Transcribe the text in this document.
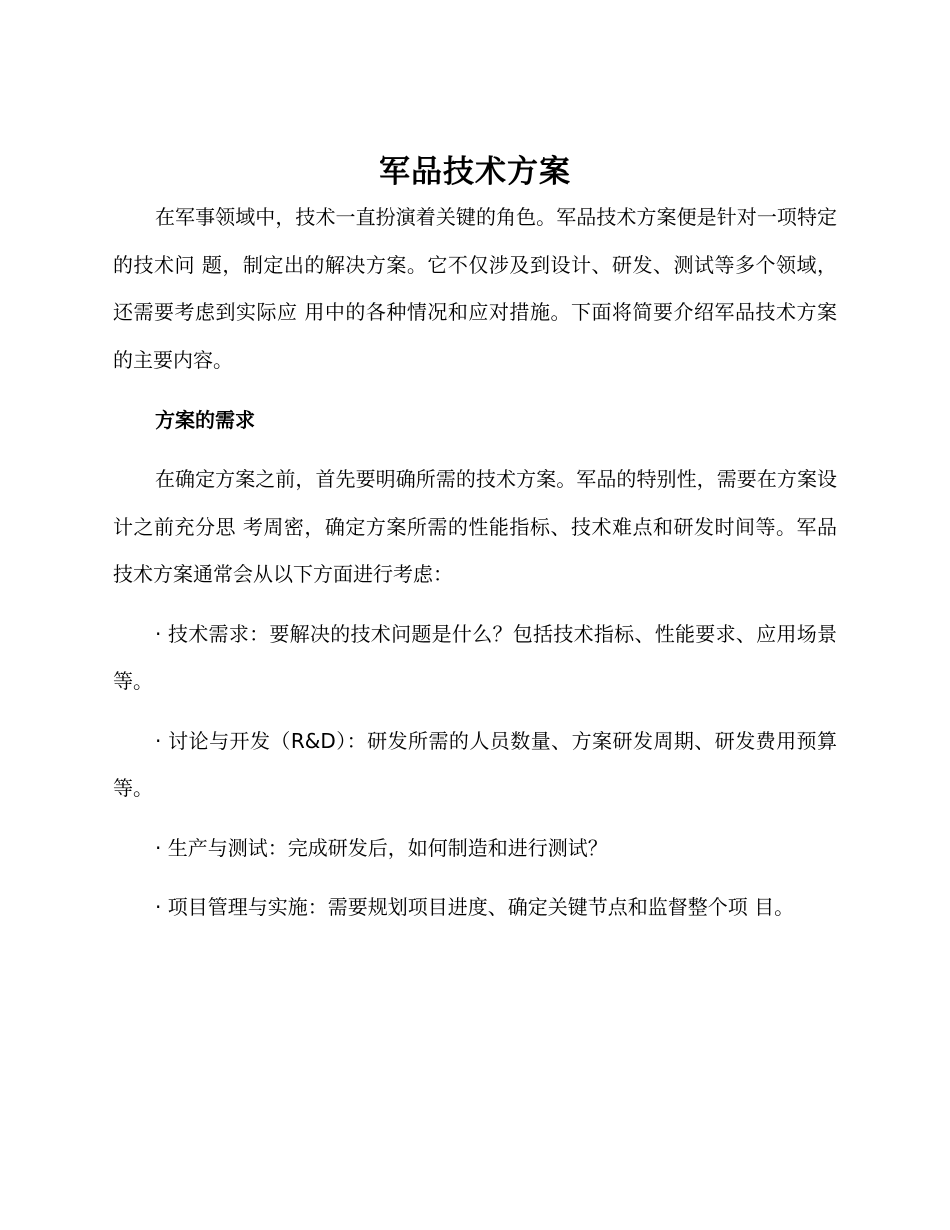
军品技术方案

在军事领域中，技术一直扮演着关键的角色。军品技术方案便是针对一项特定的技术问 题，制定出的解决方案。它不仅涉及到设计、研发、测试等多个领域，还需要考虑到实际应 用中的各种情况和应对措施。下面将简要介绍军品技术方案的主要内容。

方案的需求

在确定方案之前，首先要明确所需的技术方案。军品的特别性，需要在方案设计之前充分思 考周密，确定方案所需的性能指标、技术难点和研发时间等。军品技术方案通常会从以下方面进行考虑：

· 技术需求：要解决的技术问题是什么？包括技术指标、性能要求、应用场景等。

· 讨论与开发（R&D）：研发所需的人员数量、方案研发周期、研发费用预算等。

· 生产与测试：完成研发后，如何制造和进行测试？

· 项目管理与实施：需要规划项目进度、确定关键节点和监督整个项 目。
